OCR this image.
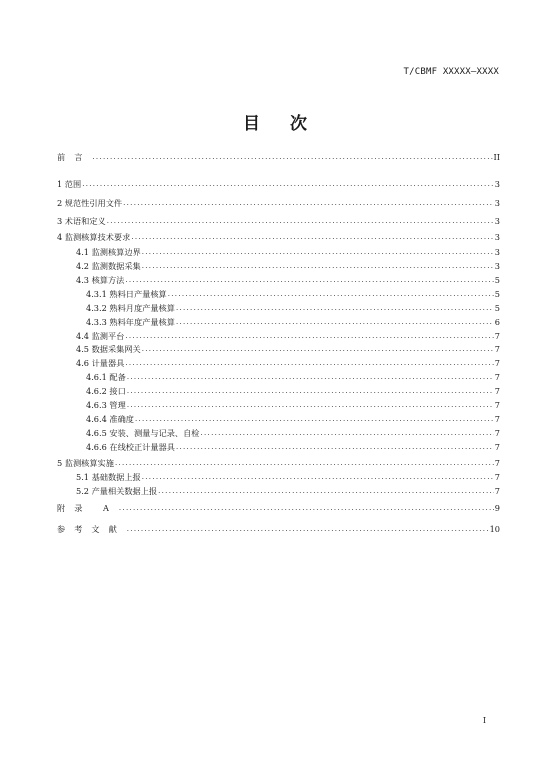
T/CBMF XXXXX—XXXX
目次
前言 .....	II
1 范围 .....	3
2 规范性引用文件 .....	3
3 术语和定义 .....	3
4 监测核算技术要求 .....	3
4.1 监测核算边界 .....	3
4.2 监测数据采集 .....	3
4.3 核算方法 .....	5
4.3.1 熟料日产量核算 .....	5
4.3.2 熟料月度产量核算 .....	5
4.3.3 熟料年度产量核算 .....	6
4.4 监测平台 .....	7
4.5 数据采集网关 .....	7
4.6 计量器具 .....	7
4.6.1 配备 .....	7
4.6.2 接口 .....	7
4.6.3 管理 .....	7
4.6.4 准确度 .....	7
4.6.5 安装、测量与记录、自检 .....	7
4.6.6 在线校正计量器具 .....	7
5 监测核算实施 .....	7
5.1 基础数据上报 .....	7
5.2 产量相关数据上报 .....	7
附录 A .....	9
参考文献 .....	10
I
